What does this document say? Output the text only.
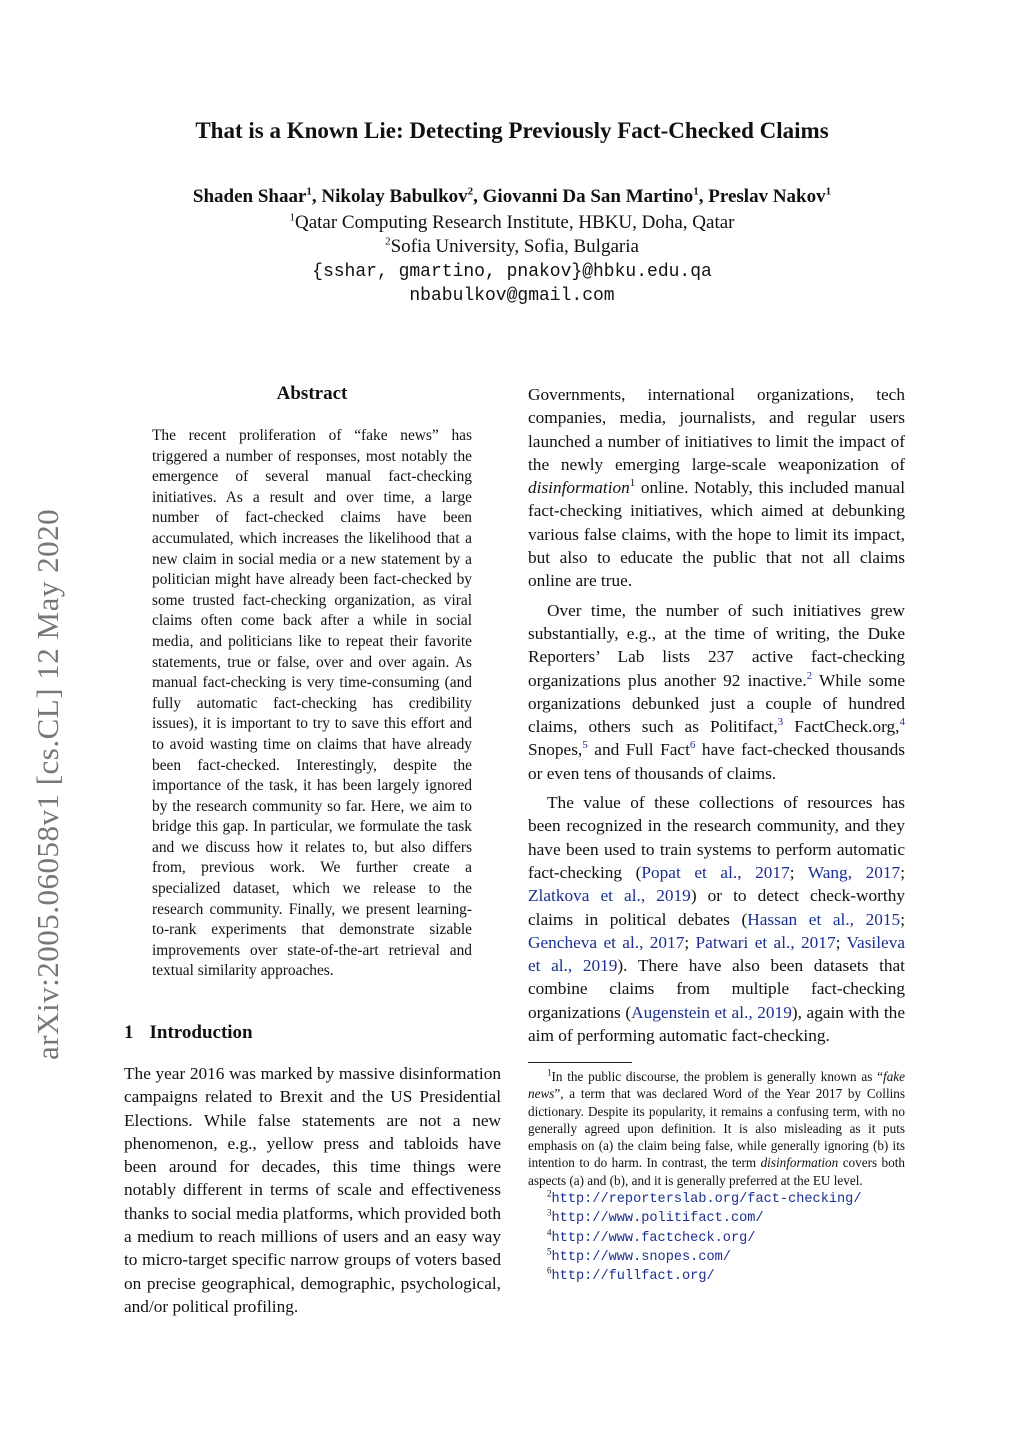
arXiv:2005.06058v1 [cs.CL] 12 May 2020
That is a Known Lie: Detecting Previously Fact-Checked Claims
Shaden Shaar$^1$, Nikolay Babulkov$^2$, Giovanni Da San Martino$^1$, Preslav Nakov$^1$
$^1$Qatar Computing Research Institute, HBKU, Doha, Qatar
$^2$Sofia University, Sofia, Bulgaria
{sshar, gmartino, pnakov}@hbku.edu.qa
nbabulkov@gmail.com
Abstract
The recent proliferation of “fake news” has triggered a number of responses, most notably the emergence of several manual fact-checking initiatives. As a result and over time, a large number of fact-checked claims have been accumulated, which increases the likelihood that a new claim in social media or a new statement by a politician might have already been fact-checked by some trusted fact-checking organization, as viral claims often come back after a while in social media, and politicians like to repeat their favorite statements, true or false, over and over again. As manual fact-checking is very time-consuming (and fully automatic fact-checking has credibility issues), it is important to try to save this effort and to avoid wasting time on claims that have already been fact-checked. Interestingly, despite the importance of the task, it has been largely ignored by the research community so far. Here, we aim to bridge this gap. In particular, we formulate the task and we discuss how it relates to, but also differs from, previous work. We further create a specialized dataset, which we release to the research community. Finally, we present learning-to-rank experiments that demonstrate sizable improvements over state-of-the-art retrieval and textual similarity approaches.
1 Introduction
The year 2016 was marked by massive disinformation campaigns related to Brexit and the US Presidential Elections. While false statements are not a new phenomenon, e.g., yellow press and tabloids have been around for decades, this time things were notably different in terms of scale and effectiveness thanks to social media platforms, which provided both a medium to reach millions of users and an easy way to micro-target specific narrow groups of voters based on precise geographical, demographic, psychological, and/or political profiling.

Governments, international organizations, tech companies, media, journalists, and regular users launched a number of initiatives to limit the impact of the newly emerging large-scale weaponization of disinformation$^1$ online. Notably, this included manual fact-checking initiatives, which aimed at debunking various false claims, with the hope to limit its impact, but also to educate the public that not all claims online are true.

Over time, the number of such initiatives grew substantially, e.g., at the time of writing, the Duke Reporters’ Lab lists 237 active fact-checking organizations plus another 92 inactive.$^2$ While some organizations debunked just a couple of hundred claims, others such as Politifact,$^3$ FactCheck.org,$^4$ Snopes,$^5$ and Full Fact$^6$ have fact-checked thousands or even tens of thousands of claims.

The value of these collections of resources has been recognized in the research community, and they have been used to train systems to perform automatic fact-checking (Popat et al., 2017; Wang, 2017; Zlatkova et al., 2019) or to detect check-worthy claims in political debates (Hassan et al., 2015; Gencheva et al., 2017; Patwari et al., 2017; Vasileva et al., 2019). There have also been datasets that combine claims from multiple fact-checking organizations (Augenstein et al., 2019), again with the aim of performing automatic fact-checking.

$^1$In the public discourse, the problem is generally known as “fake news”, a term that was declared Word of the Year 2017 by Collins dictionary. Despite its popularity, it remains a confusing term, with no generally agreed upon definition. It is also misleading as it puts emphasis on (a) the claim being false, while generally ignoring (b) its intention to do harm. In contrast, the term disinformation covers both aspects (a) and (b), and it is generally preferred at the EU level.
$^2$http://reporterslab.org/fact-checking/
$^3$http://www.politifact.com/
$^4$http://www.factcheck.org/
$^5$http://www.snopes.com/
$^6$http://fullfact.org/
